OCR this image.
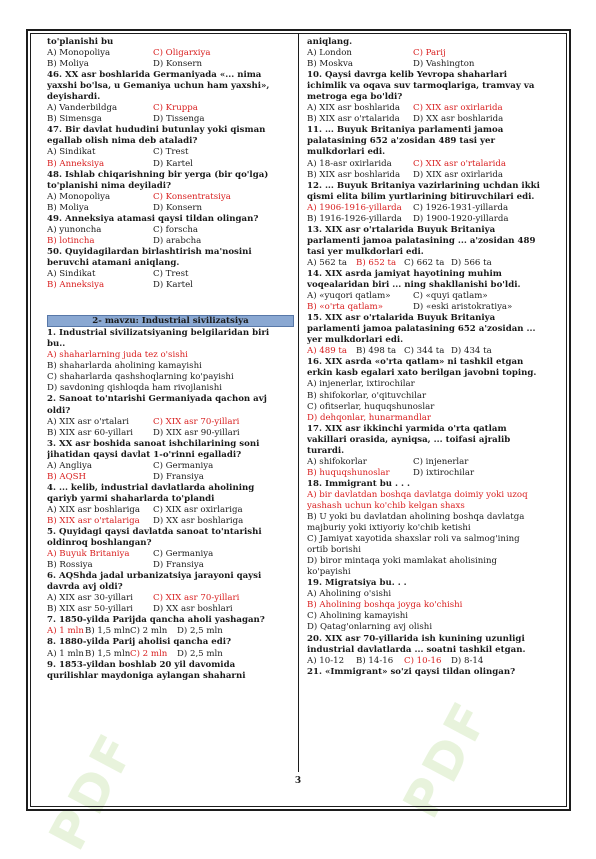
PDF	PDF
to'planishi bu
A) Monopoliya	C) Oligarxiya
B) Moliya	D) Konsern
46. XX asr boshlarida Germaniyada «... nima
yaxshi bo'lsa, u Gemaniya uchun ham yaxshi»,
deyishardi.
A) Vanderbildga	C) Kruppa
B) Simensga	D) Tissenga
47. Bir davlat hududini butunlay yoki qisman
egallab olish nima deb ataladi?
A) Sindikat	C) Trest
B) Anneksiya	D) Kartel
48. Ishlab chiqarishning bir yerga (bir qo'lga)
to'planishi nima deyiladi?
A) Monopoliya	C) Konsentratsiya
B) Moliya	D) Konsern
49. Anneksiya atamasi qaysi tildan olingan?
A) yunoncha	C) forscha
B) lotincha	D) arabcha
50. Quyidagilardan birlashtirish ma'nosini
beruvchi atamani aniqlang.
A) Sindikat	C) Trest
B) Anneksiya	D) Kartel
2- mavzu: Industrial sivilizatsiya
1. Industrial sivilizatsiyaning belgilaridan biri
bu..
A) shaharlarning juda tez o'sishi
B) shaharlarda aholining kamayishi
C) shaharlarda qashshoqlarning ko'payishi
D) savdoning qishloqda ham rivojlanishi
2. Sanoat to'ntarishi Germaniyada qachon avj
oldi?
A) XIX asr o'rtalari	C) XIX asr 70-yillari
B) XIX asr 60-yillari	D) XIX asr 90-yillari
3. XX asr boshida sanoat ishchilarining soni
jihatidan qaysi davlat 1-o'rinni egalladi?
A) Angliya	C) Germaniya
B) AQSH	D) Fransiya
4. ... kelib, industrial davlatlarda aholining
qariyb yarmi shaharlarda to'plandi
A) XIX asr boshlariga	C) XIX asr oxirlariga
B) XIX asr o'rtalariga	D) XX asr boshlariga
5. Quyidagi qaysi davlatda sanoat to'ntarishi
oldinroq boshlangan?
A) Buyuk Britaniya	C) Germaniya
B) Rossiya	D) Fransiya
6. AQShda jadal urbanizatsiya jarayoni qaysi
davrda avj oldi?
A) XIX asr 30-yillari	C) XIX asr 70-yillari
B) XIX asr 50-yillari	D) XX asr boshlari
7. 1850-yilda Parijda qancha aholi yashagan?
A) 1 mln B) 1,5 mln C) 2 mln	D) 2,5 mln
8. 1880-yilda Parij aholisi qancha edi?
A) 1 mln B) 1,5 mln C) 2 mln	D) 2,5 mln
9. 1853-yildan boshlab 20 yil davomida
qurilishlar maydoniga aylangan shaharni
aniqlang.
A) London	C) Parij
B) Moskva	D) Vashington
10. Qaysi davrga kelib Yevropa shaharlari
ichimlik va oqava suv tarmoqlariga, tramvay va
metroga ega bo'ldi?
A) XIX asr boshlarida	C) XIX asr oxirlarida
B) XIX asr o'rtalarida	D) XX asr boshlarida
11. ... Buyuk Britaniya parlamenti jamoa
palatasining 652 a'zosidan 489 tasi yer
mulkdorlari edi.
A) 18-asr oxirlarida	C) XIX asr o'rtalarida
B) XIX asr boshlarida	D) XIX asr oxirlarida
12. ... Buyuk Britaniya vazirlarining uchdan ikki
qismi elita bilim yurtlarining bitiruvchilari edi.
A) 1906-1916-yillarda	C) 1926-1931-yillarda
B) 1916-1926-yillarda	D) 1900-1920-yillarda
13. XIX asr o'rtalarida Buyuk Britaniya
parlamenti jamoa palatasining ... a'zosidan 489
tasi yer mulkdorlari edi.
A) 562 ta	B) 652 ta C) 662 ta D) 566 ta
14. XIX asrda jamiyat hayotining muhim
voqealaridan biri ... ning shakllanishi bo'ldi.
A) «yuqori qatlam»	C) «quyi qatlam»
B) «o'rta qatlam»	D) «eski aristokratiya»
15. XIX asr o'rtalarida Buyuk Britaniya
parlamenti jamoa palatasining 652 a'zosidan ...
yer mulkdorlari edi.
A) 489 ta	B) 498 ta C) 344 ta D) 434 ta
16. XIX asrda «o'rta qatlam» ni tashkil etgan
erkin kasb egalari xato berilgan javobni toping.
A) injenerlar, ixtirochilar
B) shifokorlar, o'qituvchilar
C) ofitserlar, huquqshunoslar
D) dehqonlar, hunarmandlar
17. XIX asr ikkinchi yarmida o'rta qatlam
vakillari orasida, ayniqsa, ... toifasi ajralib
turardi.
A) shifokorlar	C) injenerlar
B) huquqshunoslar	D) ixtirochilar
18. Immigrant bu . . .
A) bir davlatdan boshqa davlatga doimiy yoki uzoq
yashash uchun ko'chib kelgan shaxs
B) U yoki bu davlatdan aholining boshqa davlatga
majburiy yoki ixtiyoriy ko'chib ketishi
C) Jamiyat xayotida shaxslar roli va salmog'ining
ortib borishi
D) biror mintaqa yoki mamlakat aholisining
ko'payishi
19. Migratsiya bu. . .
A) Aholining o'sishi
B) Aholining boshqa joyga ko'chishi
C) Aholining kamayishi
D) Qatag'onlarning avj olishi
20. XIX asr 70-yillarida ish kunining uzunligi
industrial davlatlarda ... soatni tashkil etgan.
A) 10-12	B) 14-16	C) 10-16	D) 8-14
21. «Immigrant» so'zi qaysi tildan olingan?
3
